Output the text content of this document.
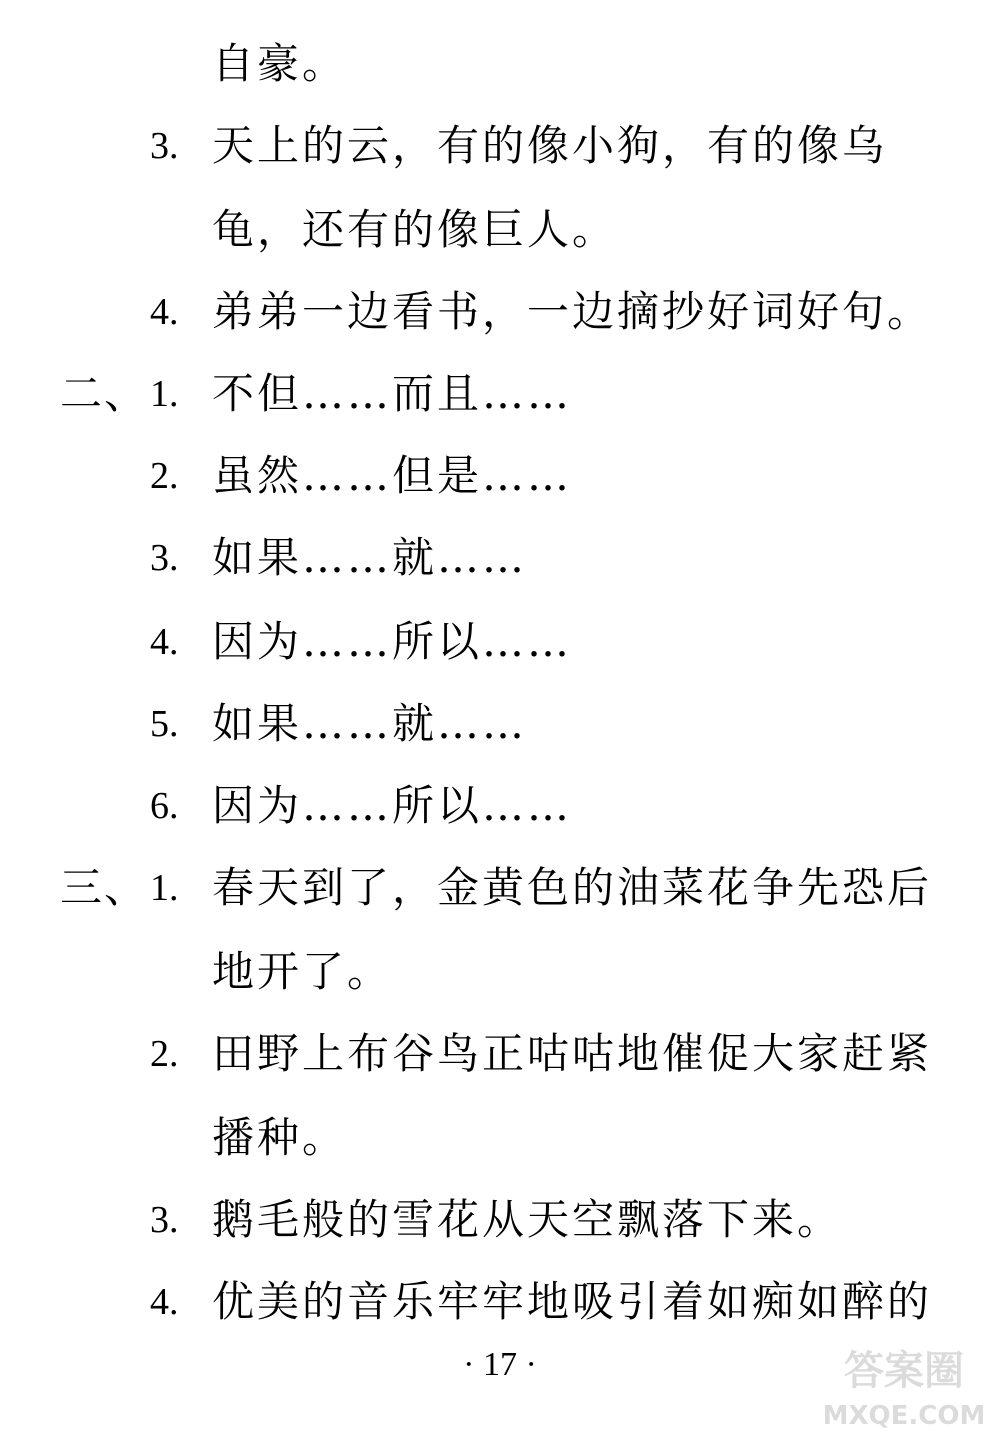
自豪。
3. 天上的云，有的像小狗，有的像乌
龟，还有的像巨人。
4. 弟弟一边看书，一边摘抄好词好句。
二、 1. 不但……而且……
2. 虽然……但是……
3. 如果……就……
4. 因为……所以……
5. 如果……就……
6. 因为……所以……
三、 1. 春天到了，金黄色的油菜花争先恐后
地开了。
2. 田野上布谷鸟正咕咕地催促大家赶紧
播种。
3. 鹅毛般的雪花从天空飘落下来。
4. 优美的音乐牢牢地吸引着如痴如醉的
· 17 ·	答案圈
MXQE.COM
